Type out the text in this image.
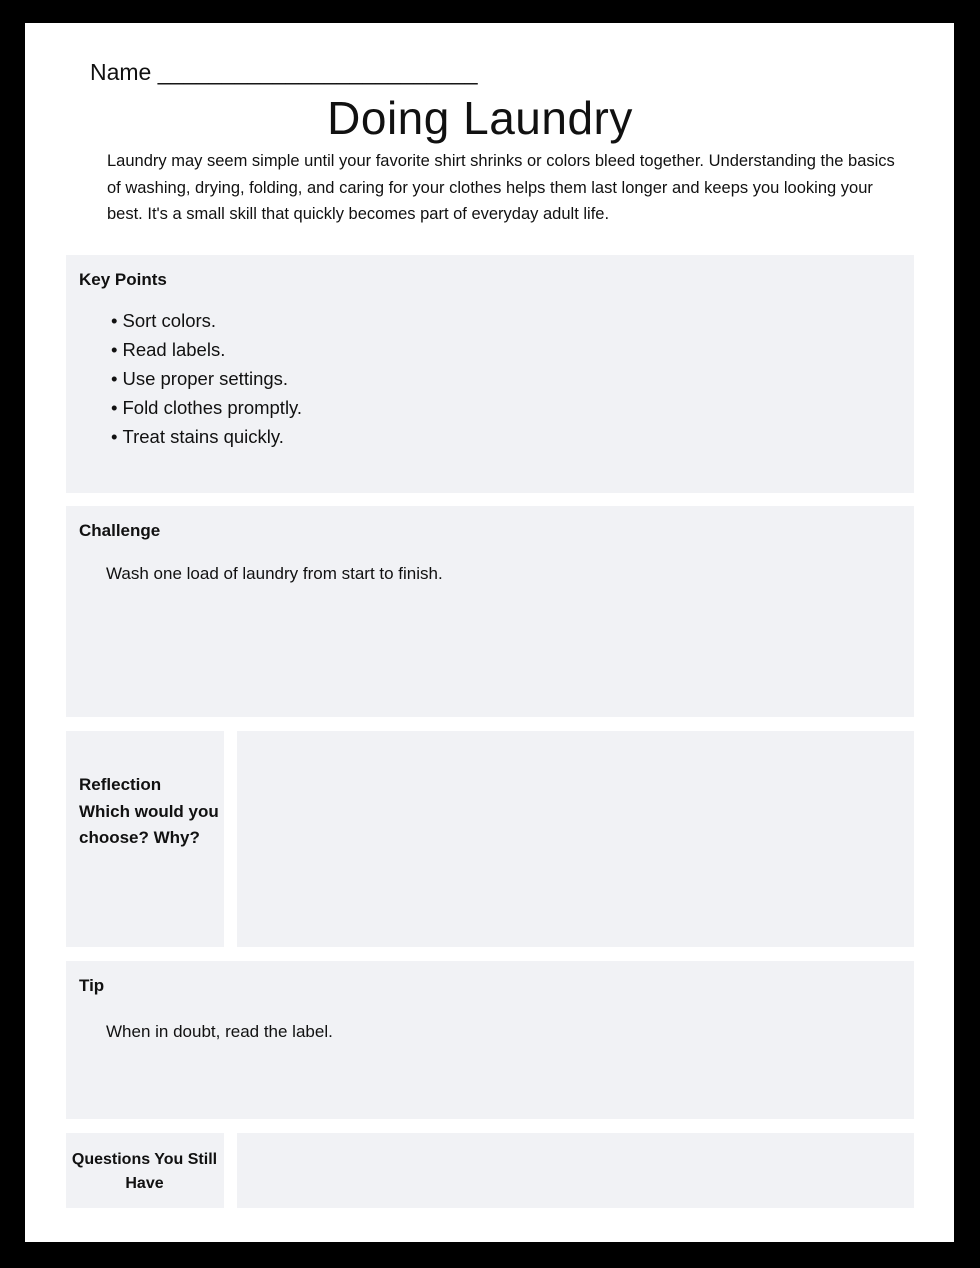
Name _________________________
Doing Laundry
Laundry may seem simple until your favorite shirt shrinks or colors bleed together. Understanding the basics of washing, drying, folding, and caring for your clothes helps them last longer and keeps you looking your best. It's a small skill that quickly becomes part of everyday adult life.
Key Points
• Sort colors.
• Read labels.
• Use proper settings.
• Fold clothes promptly.
• Treat stains quickly.
Challenge
Wash one load of laundry from start to finish.
Reflection
Which would you choose? Why?
Tip
When in doubt, read the label.
Questions You Still Have
